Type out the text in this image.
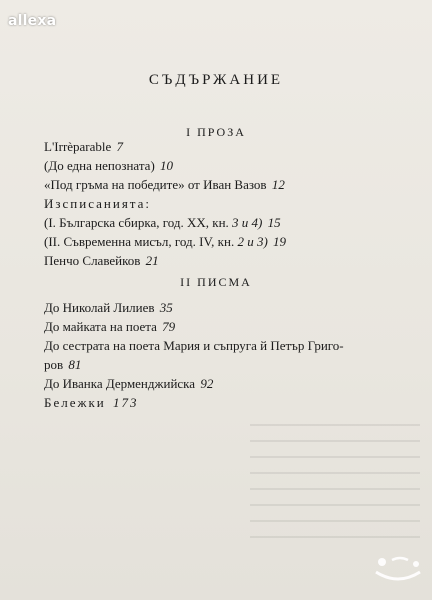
allexa
СЪДЪРЖАНИЕ
I ПРОЗА
L'Irrèparable 7
(До една непозната) 10
«Под гръма на победите» от Иван Вазов 12
Изсписанията:
(I. Българска сбирка, год. XX, кн. 3 и 4) 15
(II. Съвременна мисъл, год. IV, кн. 2 и 3) 19
Пенчо Славейков 21
II ПИСМА
До Николай Лилиев 35
До майката на поета 79
До сестрата на поета Мария и съпруга й Петър Григо-
ров 81
До Иванка Дерменджийска 92
Бележки 173
